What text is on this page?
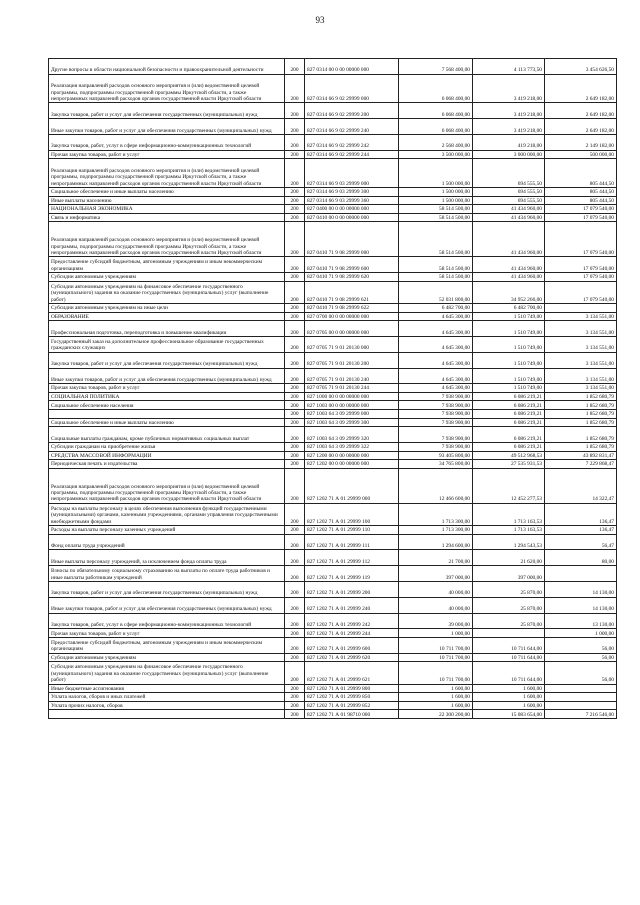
93
Другие вопросы в области национальной безопасности и правоохранительной деятельности	200	827 0314 00 0 00 00000 000	7 568 400,00	4 113 773,50	3 454 626,50
Реализация направлений расходов основного мероприятия и (или) ведомственной целевой программы, подпрограммы государственной программы Иркутской области, а также непрограммных направлений расходов органов государственной власти Иркутской области	200	827 0314 66 9 02 29999 000	6 068 400,00	3 419 218,00	2 649 182,00
Закупка товаров, работ и услуг для обеспечения государственных (муниципальных) нужд	200	827 0314 66 9 02 29999 200	6 068 400,00	3 419 218,00	2 649 182,00
Иные закупки товаров, работ и услуг для обеспечения государственных (муниципальных) нужд	200	827 0314 66 9 02 29999 240	6 068 400,00	3 419 218,00	2 649 182,00
Закупка товаров, работ, услуг в сфере информационно-коммуникационных технологий	200	827 0314 66 9 02 29999 242	2 568 400,00	419 218,00	2 149 182,00
Прочая закупка товаров, работ и услуг	200	827 0314 66 9 02 29999 244	3 500 000,00	3 000 000,00	500 000,00
Реализация направлений расходов основного мероприятия и (или) ведомственной целевой программы, подпрограммы государственной программы Иркутской области, а также непрограммных направлений расходов органов государственной власти Иркутской области	200	827 0314 66 9 03 29999 000	1 500 000,00	694 555,50	805 444,50
Социальное обеспечение и иные выплаты населению	200	827 0314 66 9 03 29999 300	1 500 000,00	694 555,50	805 444,50
Иные выплаты населению	200	827 0314 66 9 03 29999 360	1 500 000,00	694 555,50	805 444,50
НАЦИОНАЛЬНАЯ ЭКОНОМИКА	200	827 0400 00 0 00 00000 000	58 514 500,00	41 434 960,00	17 079 540,00
Связь и информатика	200	827 0410 00 0 00 00000 000	58 514 500,00	41 434 960,00	17 079 540,00
Реализация направлений расходов основного мероприятия и (или) ведомственной целевой программы, подпрограммы государственной программы Иркутской области, а также непрограммных направлений расходов органов государственной власти Иркутской области	200	827 0410 71 9 08 29999 000	58 514 500,00	41 434 960,00	17 079 540,00
Предоставление субсидий бюджетным, автономным учреждениям и иным некоммерческим организациям	200	827 0410 71 9 08 29999 600	58 514 500,00	41 434 960,00	17 079 540,00
Субсидии автономным учреждениям	200	827 0410 71 9 08 29999 620	58 514 500,00	41 434 960,00	17 079 540,00
Субсидии автономным учреждениям на финансовое обеспечение государственного (муниципального) задания на оказание государственных (муниципальных) услуг (выполнение работ)	200	827 0410 71 9 08 29999 621	52 031 800,00	34 952 260,00	17 079 540,00
Субсидии автономным учреждениям на иные цели	200	827 0410 71 9 08 29999 622	6 482 700,00	6 482 700,00	
ОБРАЗОВАНИЕ	200	827 0700 00 0 00 00000 000	4 645 300,00	1 510 749,00	3 134 551,00
Профессиональная подготовка, переподготовка и повышение квалификации	200	827 0705 00 0 00 00000 000	4 645 300,00	1 510 749,00	3 134 551,00
Государственный заказ на дополнительное профессиональное образование государственных гражданских служащих	200	827 0705 71 9 01 20130 000	4 645 300,00	1 510 749,00	3 134 551,00
Закупка товаров, работ и услуг для обеспечения государственных (муниципальных) нужд	200	827 0705 71 9 01 20130 200	4 645 300,00	1 510 749,00	3 134 551,00
Иные закупки товаров, работ и услуг для обеспечения государственных (муниципальных) нужд	200	827 0705 71 9 01 20130 240	4 645 300,00	1 510 749,00	3 134 551,00
Прочая закупка товаров, работ и услуг	200	827 0705 71 9 01 20130 244	4 645 300,00	1 510 749,00	3 134 551,00
СОЦИАЛЬНАЯ ПОЛИТИКА	200	827 1000 00 0 00 00000 000	7 938 900,00	6 086 219,21	1 852 680,79
Социальное обеспечение населения	200	827 1003 00 0 00 00000 000	7 938 900,00	6 086 219,21	1 852 680,79
	200	827 1003 64 3 09 29999 000	7 938 900,00	6 086 219,21	1 852 680,79
Социальное обеспечение и иные выплаты населению	200	827 1003 64 3 09 29999 300	7 938 900,00	6 086 219,21	1 852 680,79
Социальные выплаты гражданам, кроме публичных нормативных социальных выплат	200	827 1003 64 3 09 29999 320	7 938 900,00	6 086 219,21	1 852 680,79
Субсидии гражданам на приобретение жилья	200	827 1003 64 3 09 29999 322	7 938 900,00	6 086 219,21	1 852 680,79
СРЕДСТВА МАССОВОЙ ИНФОРМАЦИИ	200	827 1200 00 0 00 00000 000	93 405 800,00	49 512 968,53	43 892 831,47
Периодическая печать и издательства	200	827 1202 00 0 00 00000 000	34 765 800,00	27 535 931,53	7 229 868,47
Реализация направлений расходов основного мероприятия и (или) ведомственной целевой программы, подпрограммы государственной программы Иркутской области, а также непрограммных направлений расходов органов государственной власти Иркутской области	200	827 1202 71 А 01 29999 000	12 466 600,00	12 452 277,53	14 322,47
Расходы на выплаты персоналу в целях обеспечения выполнения функций государственными (муниципальными) органами, казенными учреждениями, органами управления государственными внебюджетными фондами	200	827 1202 71 А 01 29999 100	1 713 300,00	1 713 163,53	136,47
Расходы на выплаты персоналу казенных учреждений	200	827 1202 71 А 01 29999 110	1 713 300,00	1 713 163,53	136,47
Фонд оплаты труда учреждений	200	827 1202 71 А 01 29999 111	1 294 600,00	1 294 543,53	56,47
Иные выплаты персоналу учреждений, за исключением фонда оплаты труда	200	827 1202 71 А 01 29999 112	21 700,00	21 620,00	80,00
Взносы по обязательному социальному страхованию на выплаты по оплате труда работников и иные выплаты работникам учреждений	200	827 1202 71 А 01 29999 119	397 000,00	397 000,00	
Закупка товаров, работ и услуг для обеспечения государственных (муниципальных) нужд	200	827 1202 71 А 01 29999 200	40 000,00	25 870,00	14 130,00
Иные закупки товаров, работ и услуг для обеспечения государственных (муниципальных) нужд	200	827 1202 71 А 01 29999 240	40 000,00	25 870,00	14 130,00
Закупка товаров, работ, услуг в сфере информационно-коммуникационных технологий	200	827 1202 71 А 01 29999 242	39 000,00	25 870,00	13 130,00
Прочая закупка товаров, работ и услуг	200	827 1202 71 А 01 29999 244	1 000,00		1 000,00
Предоставление субсидий бюджетным, автономным учреждениям и иным некоммерческим организациям	200	827 1202 71 А 01 29999 600	10 711 700,00	10 711 644,00	56,00
Субсидии автономным учреждениям	200	827 1202 71 А 01 29999 620	10 711 700,00	10 711 644,00	56,00
Субсидии автономным учреждениям на финансовое обеспечение государственного (муниципального) задания на оказание государственных (муниципальных) услуг (выполнение работ)	200	827 1202 71 А 01 29999 621	10 711 700,00	10 711 644,00	56,00
Иные бюджетные ассигнования	200	827 1202 71 А 01 29999 800	1 600,00	1 600,00	
Уплата налогов, сборов и иных платежей	200	827 1202 71 А 01 29999 850	1 600,00	1 600,00	
Уплата прочих налогов, сборов	200	827 1202 71 А 01 29999 852	1 600,00	1 600,00	
	200	827 1202 71 А 01 98710 000	22 300 200,00	15 083 654,00	7 216 546,00
